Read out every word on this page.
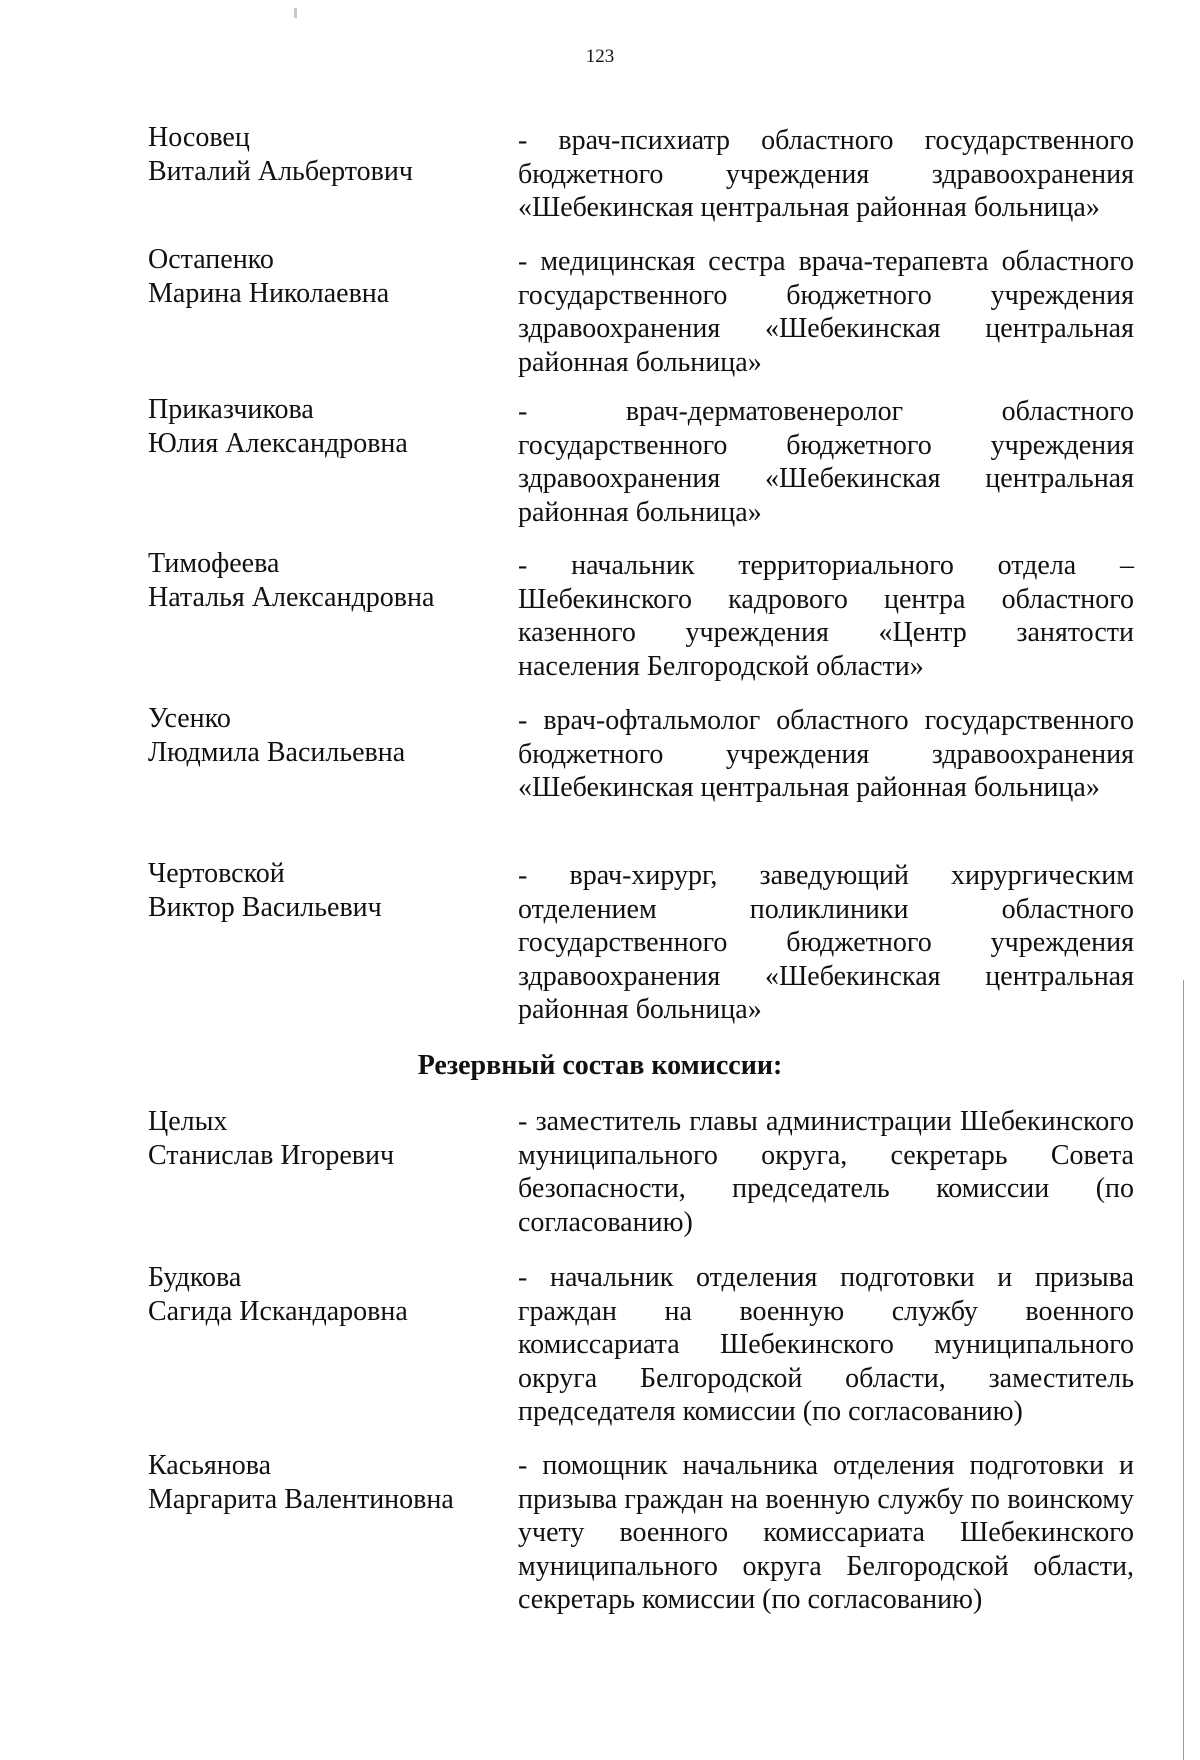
123
Носовец
Виталий Альбертович
- врач-психиатр областного государственного бюджетного учреждения здравоохранения «Шебекинская центральная районная больница»
Остапенко
Марина Николаевна
- медицинская сестра врача-терапевта областного государственного бюджетного учреждения здравоохранения «Шебекинская центральная районная больница»
Приказчикова
Юлия Александровна
- врач-дерматовенеролог областного государственного бюджетного учреждения здравоохранения «Шебекинская центральная районная больница»
Тимофеева
Наталья Александровна
- начальник территориального отдела – Шебекинского кадрового центра областного казенного учреждения «Центр занятости населения Белгородской области»
Усенко
Людмила Васильевна
- врач-офтальмолог областного государственного бюджетного учреждения здравоохранения «Шебекинская центральная районная больница»
Чертовской
Виктор Васильевич
- врач-хирург, заведующий хирургическим отделением поликлиники областного государственного бюджетного учреждения здравоохранения «Шебекинская центральная районная больница»
Резервный состав комиссии:
Целых
Станислав Игоревич
- заместитель главы администрации Шебекинского муниципального округа, секретарь Совета безопасности, председатель комиссии (по согласованию)
Будкова
Сагида Искандаровна
- начальник отделения подготовки и призыва граждан на военную службу военного комиссариата Шебекинского муниципального округа Белгородской области, заместитель председателя комиссии (по согласованию)
Касьянова
Маргарита Валентиновна
- помощник начальника отделения подготовки и призыва граждан на военную службу по воинскому учету военного комиссариата Шебекинского муниципального округа Белгородской области, секретарь комиссии (по согласованию)
